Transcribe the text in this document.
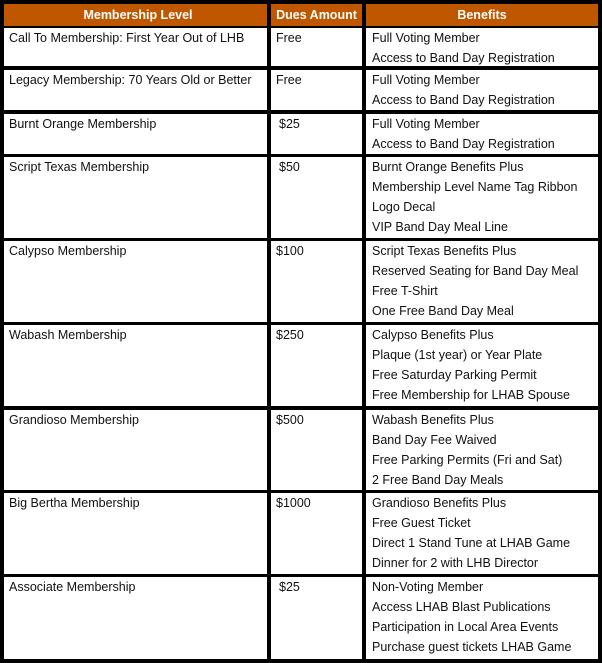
Membership Level	Dues Amount	Benefits
Call To Membership: First Year Out of LHB	Free	Full Voting Member
Access to Band Day Registration
Legacy Membership: 70 Years Old or Better	Free	Full Voting Member
Access to Band Day Registration
Burnt Orange Membership	$25	Full Voting Member
Access to Band Day Registration
Script Texas Membership	$50	Burnt Orange Benefits Plus
Membership Level Name Tag Ribbon
Logo Decal
VIP Band Day Meal Line
Calypso Membership	$100	Script Texas Benefits Plus
Reserved Seating for Band Day Meal
Free T-Shirt
One Free Band Day Meal
Wabash Membership	$250	Calypso Benefits Plus
Plaque (1st year) or Year Plate
Free Saturday Parking Permit
Free Membership for LHAB Spouse
Grandioso Membership	$500	Wabash Benefits Plus
Band Day Fee Waived
Free Parking Permits (Fri and Sat)
2 Free Band Day Meals
Big Bertha Membership	$1000	Grandioso Benefits Plus
Free Guest Ticket
Direct 1 Stand Tune at LHAB Game
Dinner for 2 with LHB Director
Associate Membership	$25	Non-Voting Member
Access LHAB Blast Publications
Participation in Local Area Events
Purchase guest tickets LHAB Game
